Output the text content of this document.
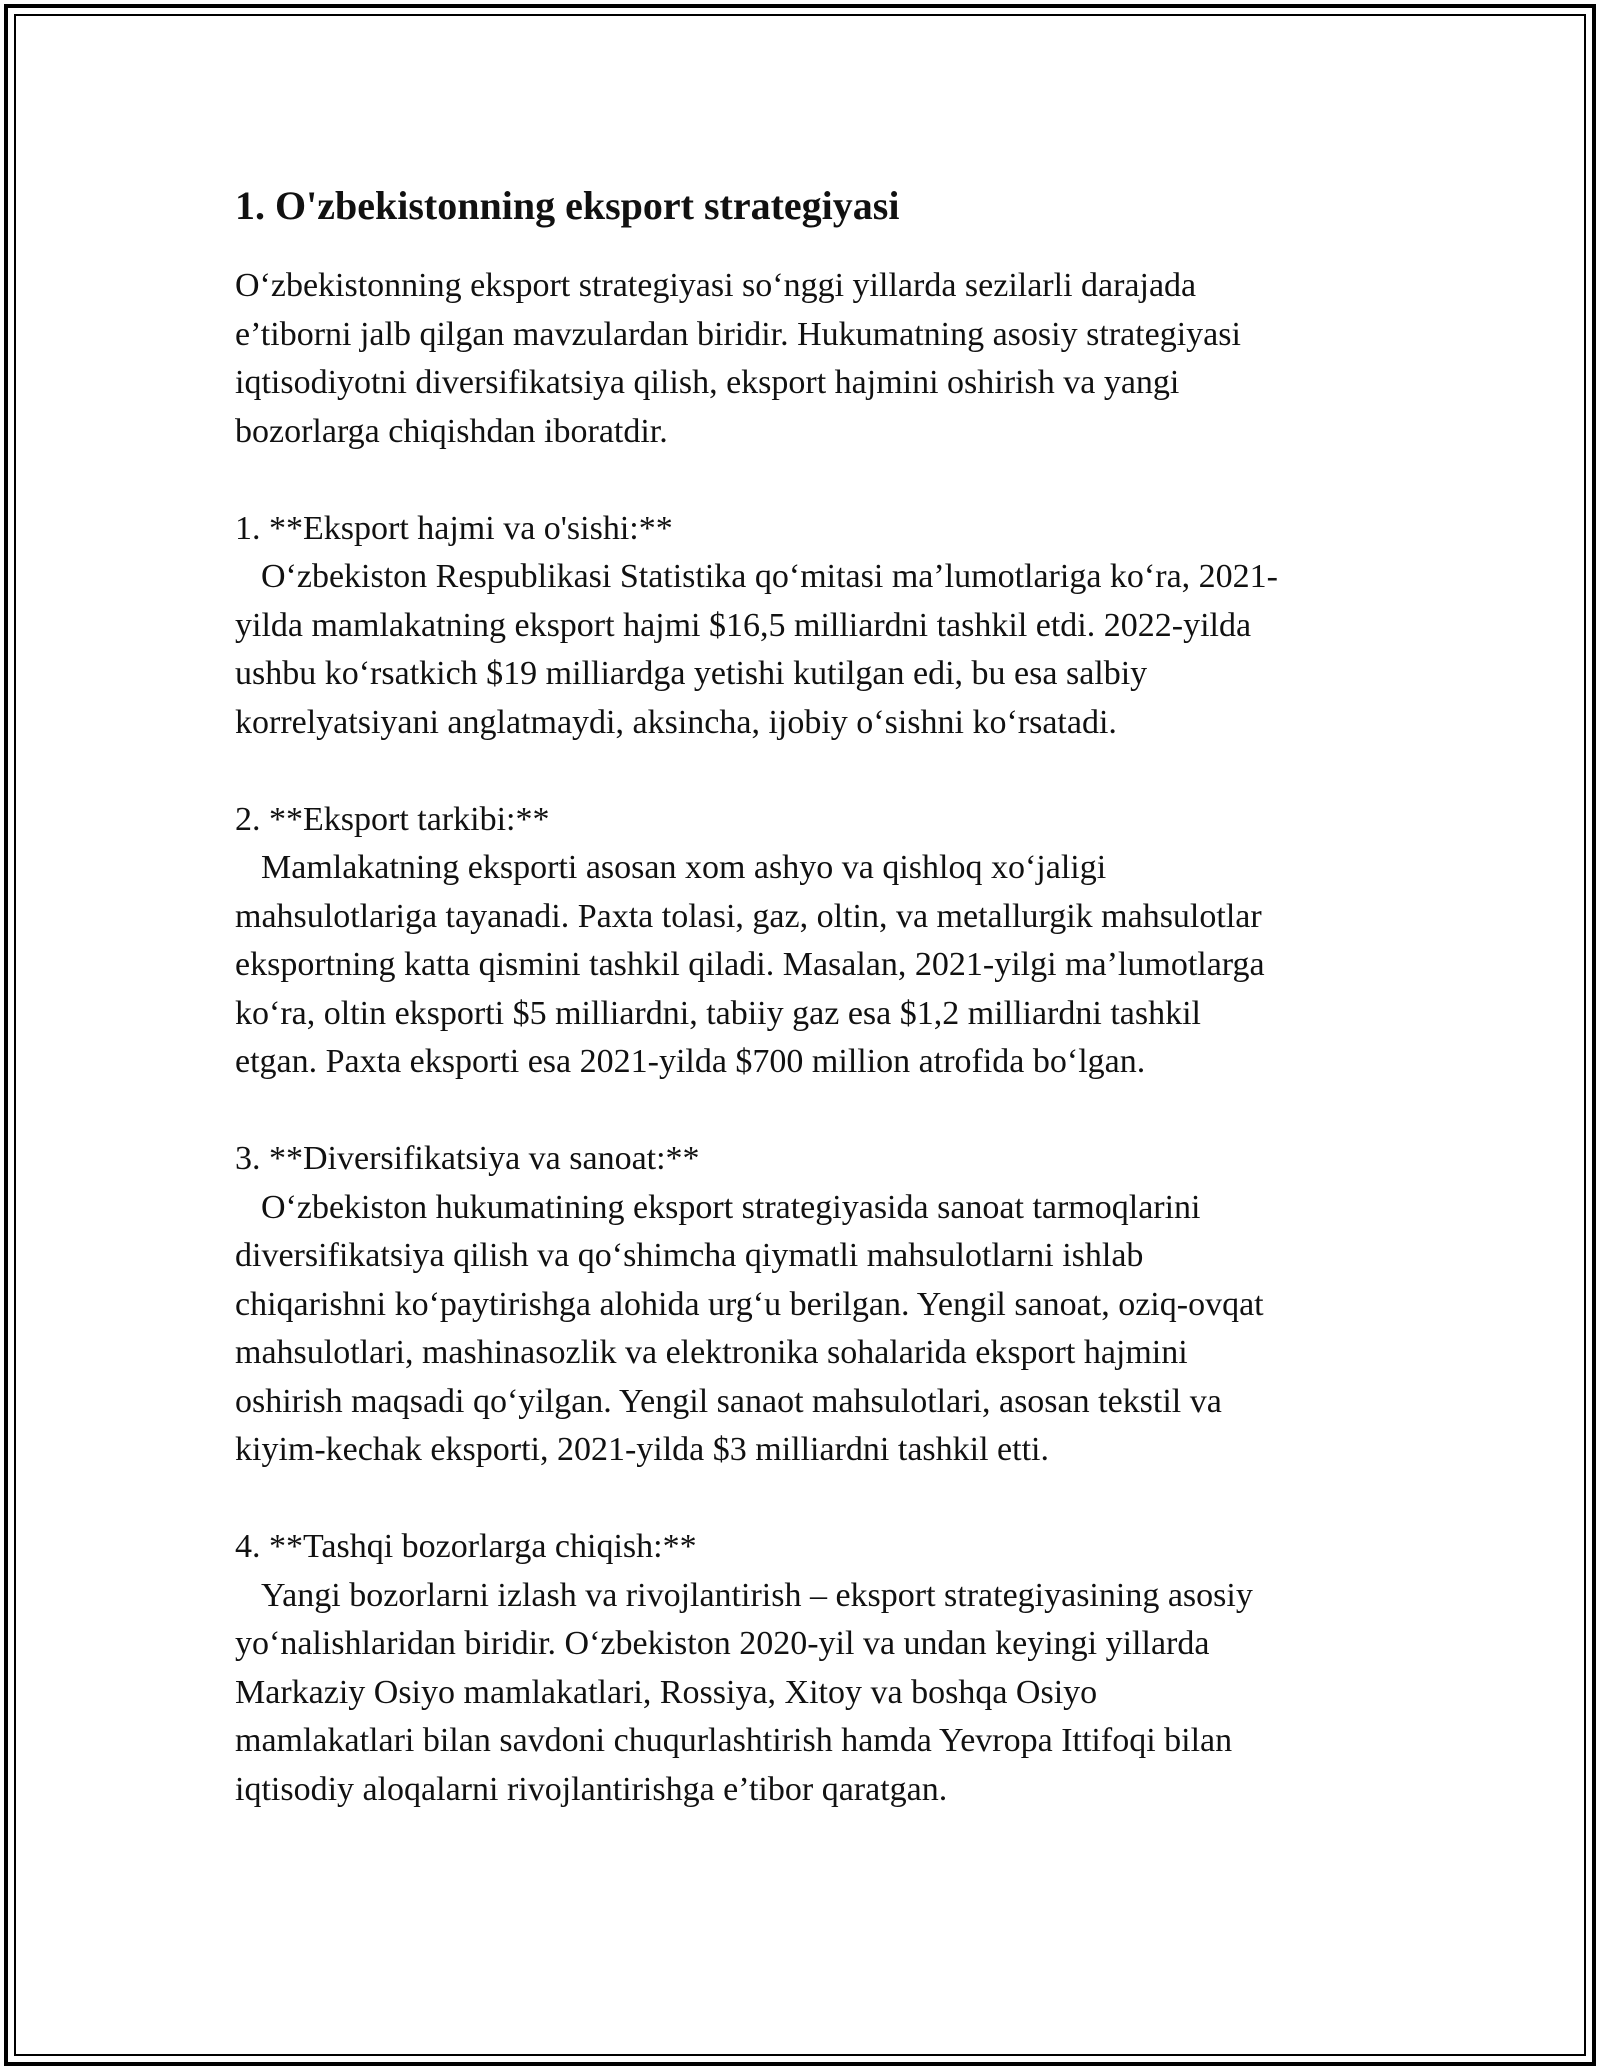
1. O'zbekistonning eksport strategiyasi

O‘zbekistonning eksport strategiyasi so‘nggi yillarda sezilarli darajada
e’tiborni jalb qilgan mavzulardan biridir. Hukumatning asosiy strategiyasi
iqtisodiyotni diversifikatsiya qilish, eksport hajmini oshirish va yangi
bozorlarga chiqishdan iboratdir.

1. **Eksport hajmi va o'sishi:**

O‘zbekiston Respublikasi Statistika qo‘mitasi ma’lumotlariga ko‘ra, 2021-
yilda mamlakatning eksport hajmi $16,5 milliardni tashkil etdi. 2022-yilda
ushbu ko‘rsatkich $19 milliardga yetishi kutilgan edi, bu esa salbiy
korrelyatsiyani anglatmaydi, aksincha, ijobiy o‘sishni ko‘rsatadi.

2. **Eksport tarkibi:**

Mamlakatning eksporti asosan xom ashyo va qishloq xo‘jaligi
mahsulotlariga tayanadi. Paxta tolasi, gaz, oltin, va metallurgik mahsulotlar
eksportning katta qismini tashkil qiladi. Masalan, 2021-yilgi ma’lumotlarga
ko‘ra, oltin eksporti $5 milliardni, tabiiy gaz esa $1,2 milliardni tashkil
etgan. Paxta eksporti esa 2021-yilda $700 million atrofida bo‘lgan.

3. **Diversifikatsiya va sanoat:**

O‘zbekiston hukumatining eksport strategiyasida sanoat tarmoqlarini
diversifikatsiya qilish va qo‘shimcha qiymatli mahsulotlarni ishlab
chiqarishni ko‘paytirishga alohida urg‘u berilgan. Yengil sanoat, oziq-ovqat
mahsulotlari, mashinasozlik va elektronika sohalarida eksport hajmini
oshirish maqsadi qo‘yilgan. Yengil sanaot mahsulotlari, asosan tekstil va
kiyim-kechak eksporti, 2021-yilda $3 milliardni tashkil etti.

4. **Tashqi bozorlarga chiqish:**

Yangi bozorlarni izlash va rivojlantirish – eksport strategiyasining asosiy
yo‘nalishlaridan biridir. O‘zbekiston 2020-yil va undan keyingi yillarda
Markaziy Osiyo mamlakatlari, Rossiya, Xitoy va boshqa Osiyo
mamlakatlari bilan savdoni chuqurlashtirish hamda Yevropa Ittifoqi bilan
iqtisodiy aloqalarni rivojlantirishga e’tibor qaratgan.
